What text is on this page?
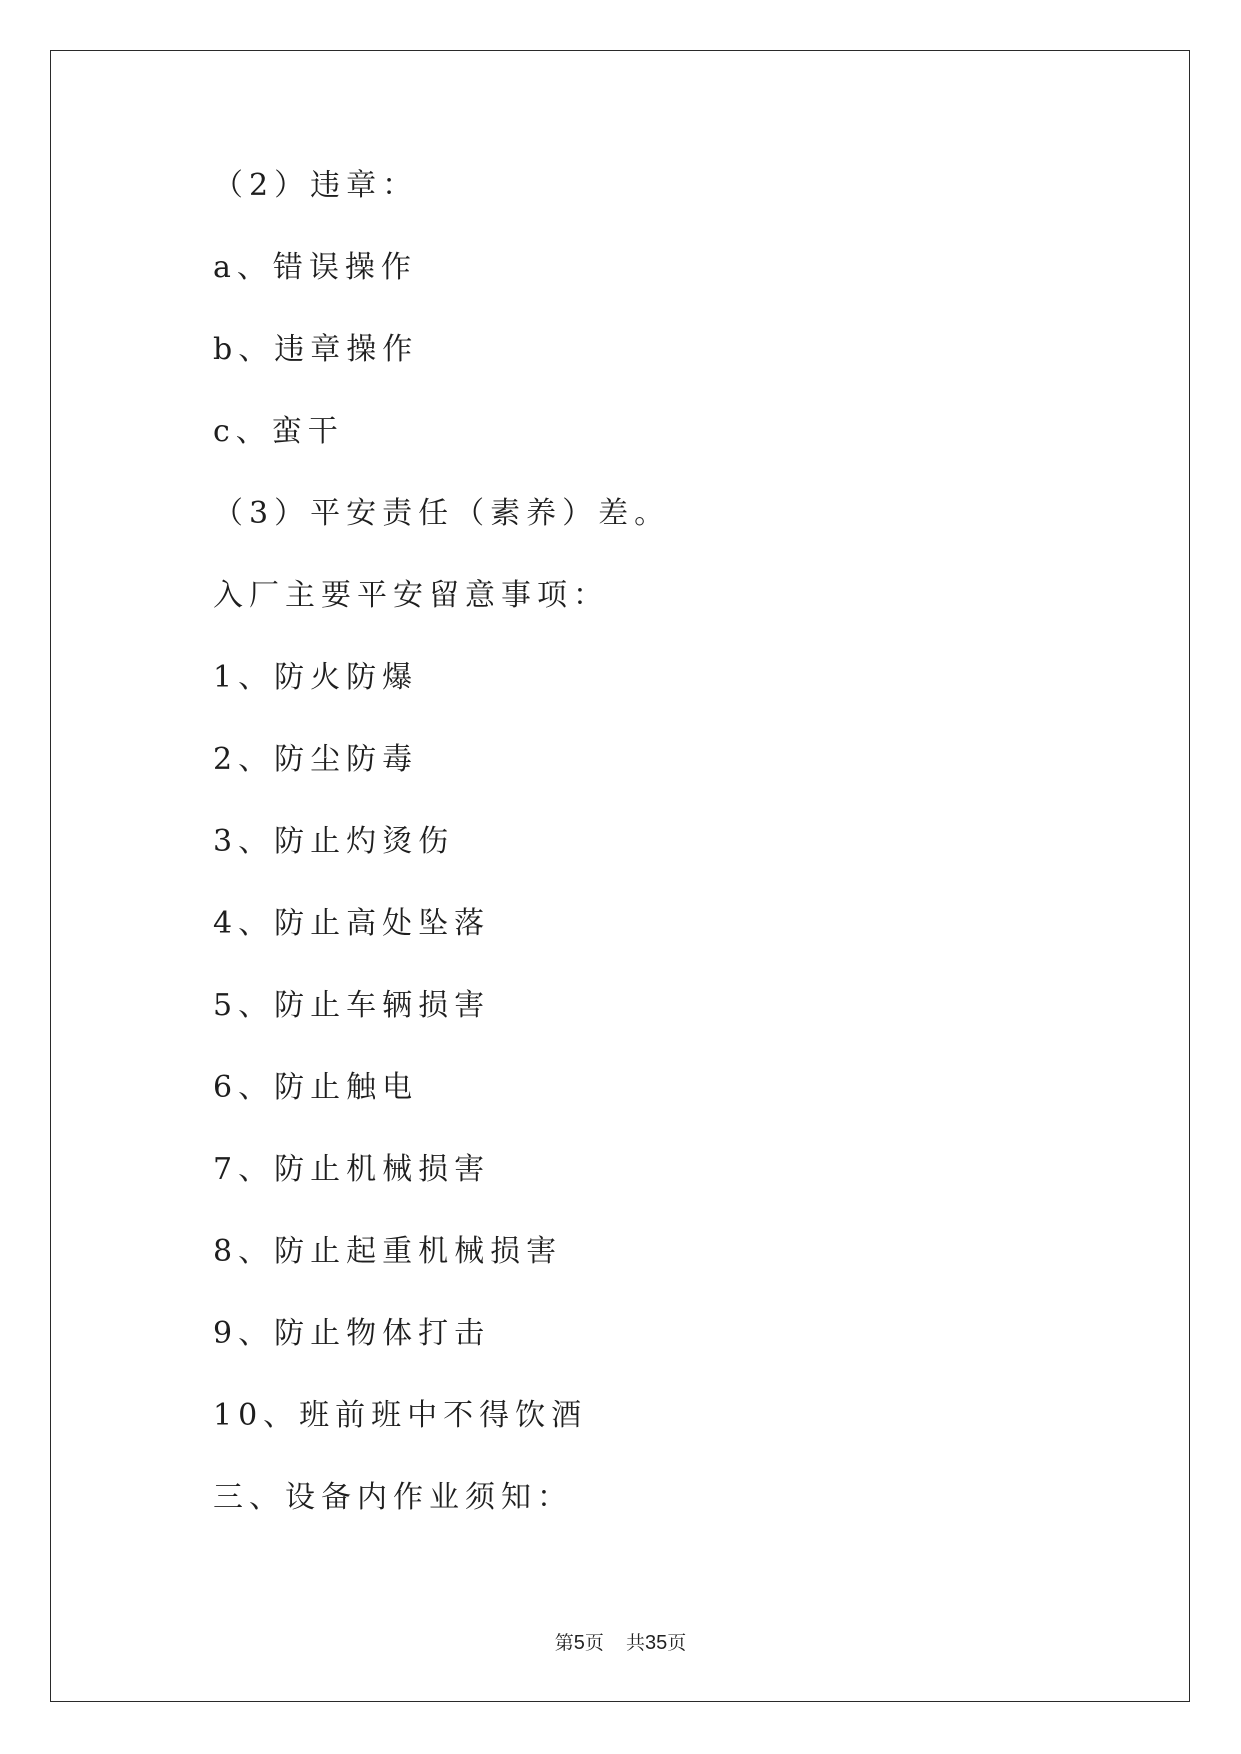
（2）违章：
a、错误操作
b、违章操作
c、蛮干
（3）平安责任（素养）差。
入厂主要平安留意事项：
1、防火防爆
2、防尘防毒
3、防止灼烫伤
4、防止高处坠落
5、防止车辆损害
6、防止触电
7、防止机械损害
8、防止起重机械损害
9、防止物体打击
10、班前班中不得饮酒
三、设备内作业须知：
第5页 共35页
